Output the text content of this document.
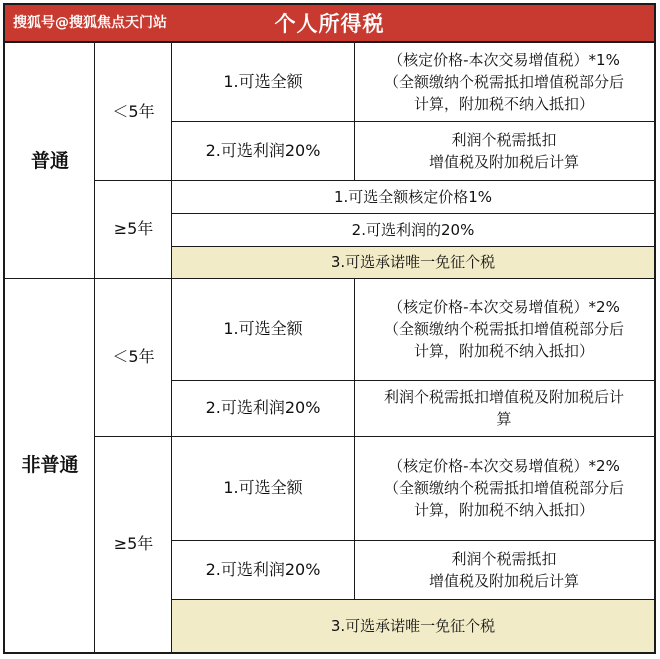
搜狐号@搜狐焦点天门站	个人所得税
3.可选承诺唯一免征个税
3.可选承诺唯一免征个税
普通
非普通
＜5年
≥5年
＜5年
≥5年
1.可选全额
（核定价格-本次交易增值税）*1%
（全额缴纳个税需抵扣增值税部分后
计算，附加税不纳入抵扣）
2.可选利润20%
利润个税需抵扣
增值税及附加税后计算
1.可选全额核定价格1%
2.可选利润的20%
1.可选全额
（核定价格-本次交易增值税）*2%
（全额缴纳个税需抵扣增值税部分后
计算，附加税不纳入抵扣）
2.可选利润20%
利润个税需抵扣增值税及附加税后计
算
1.可选全额
（核定价格-本次交易增值税）*2%
（全额缴纳个税需抵扣增值税部分后
计算，附加税不纳入抵扣）
2.可选利润20%
利润个税需抵扣
增值税及附加税后计算
